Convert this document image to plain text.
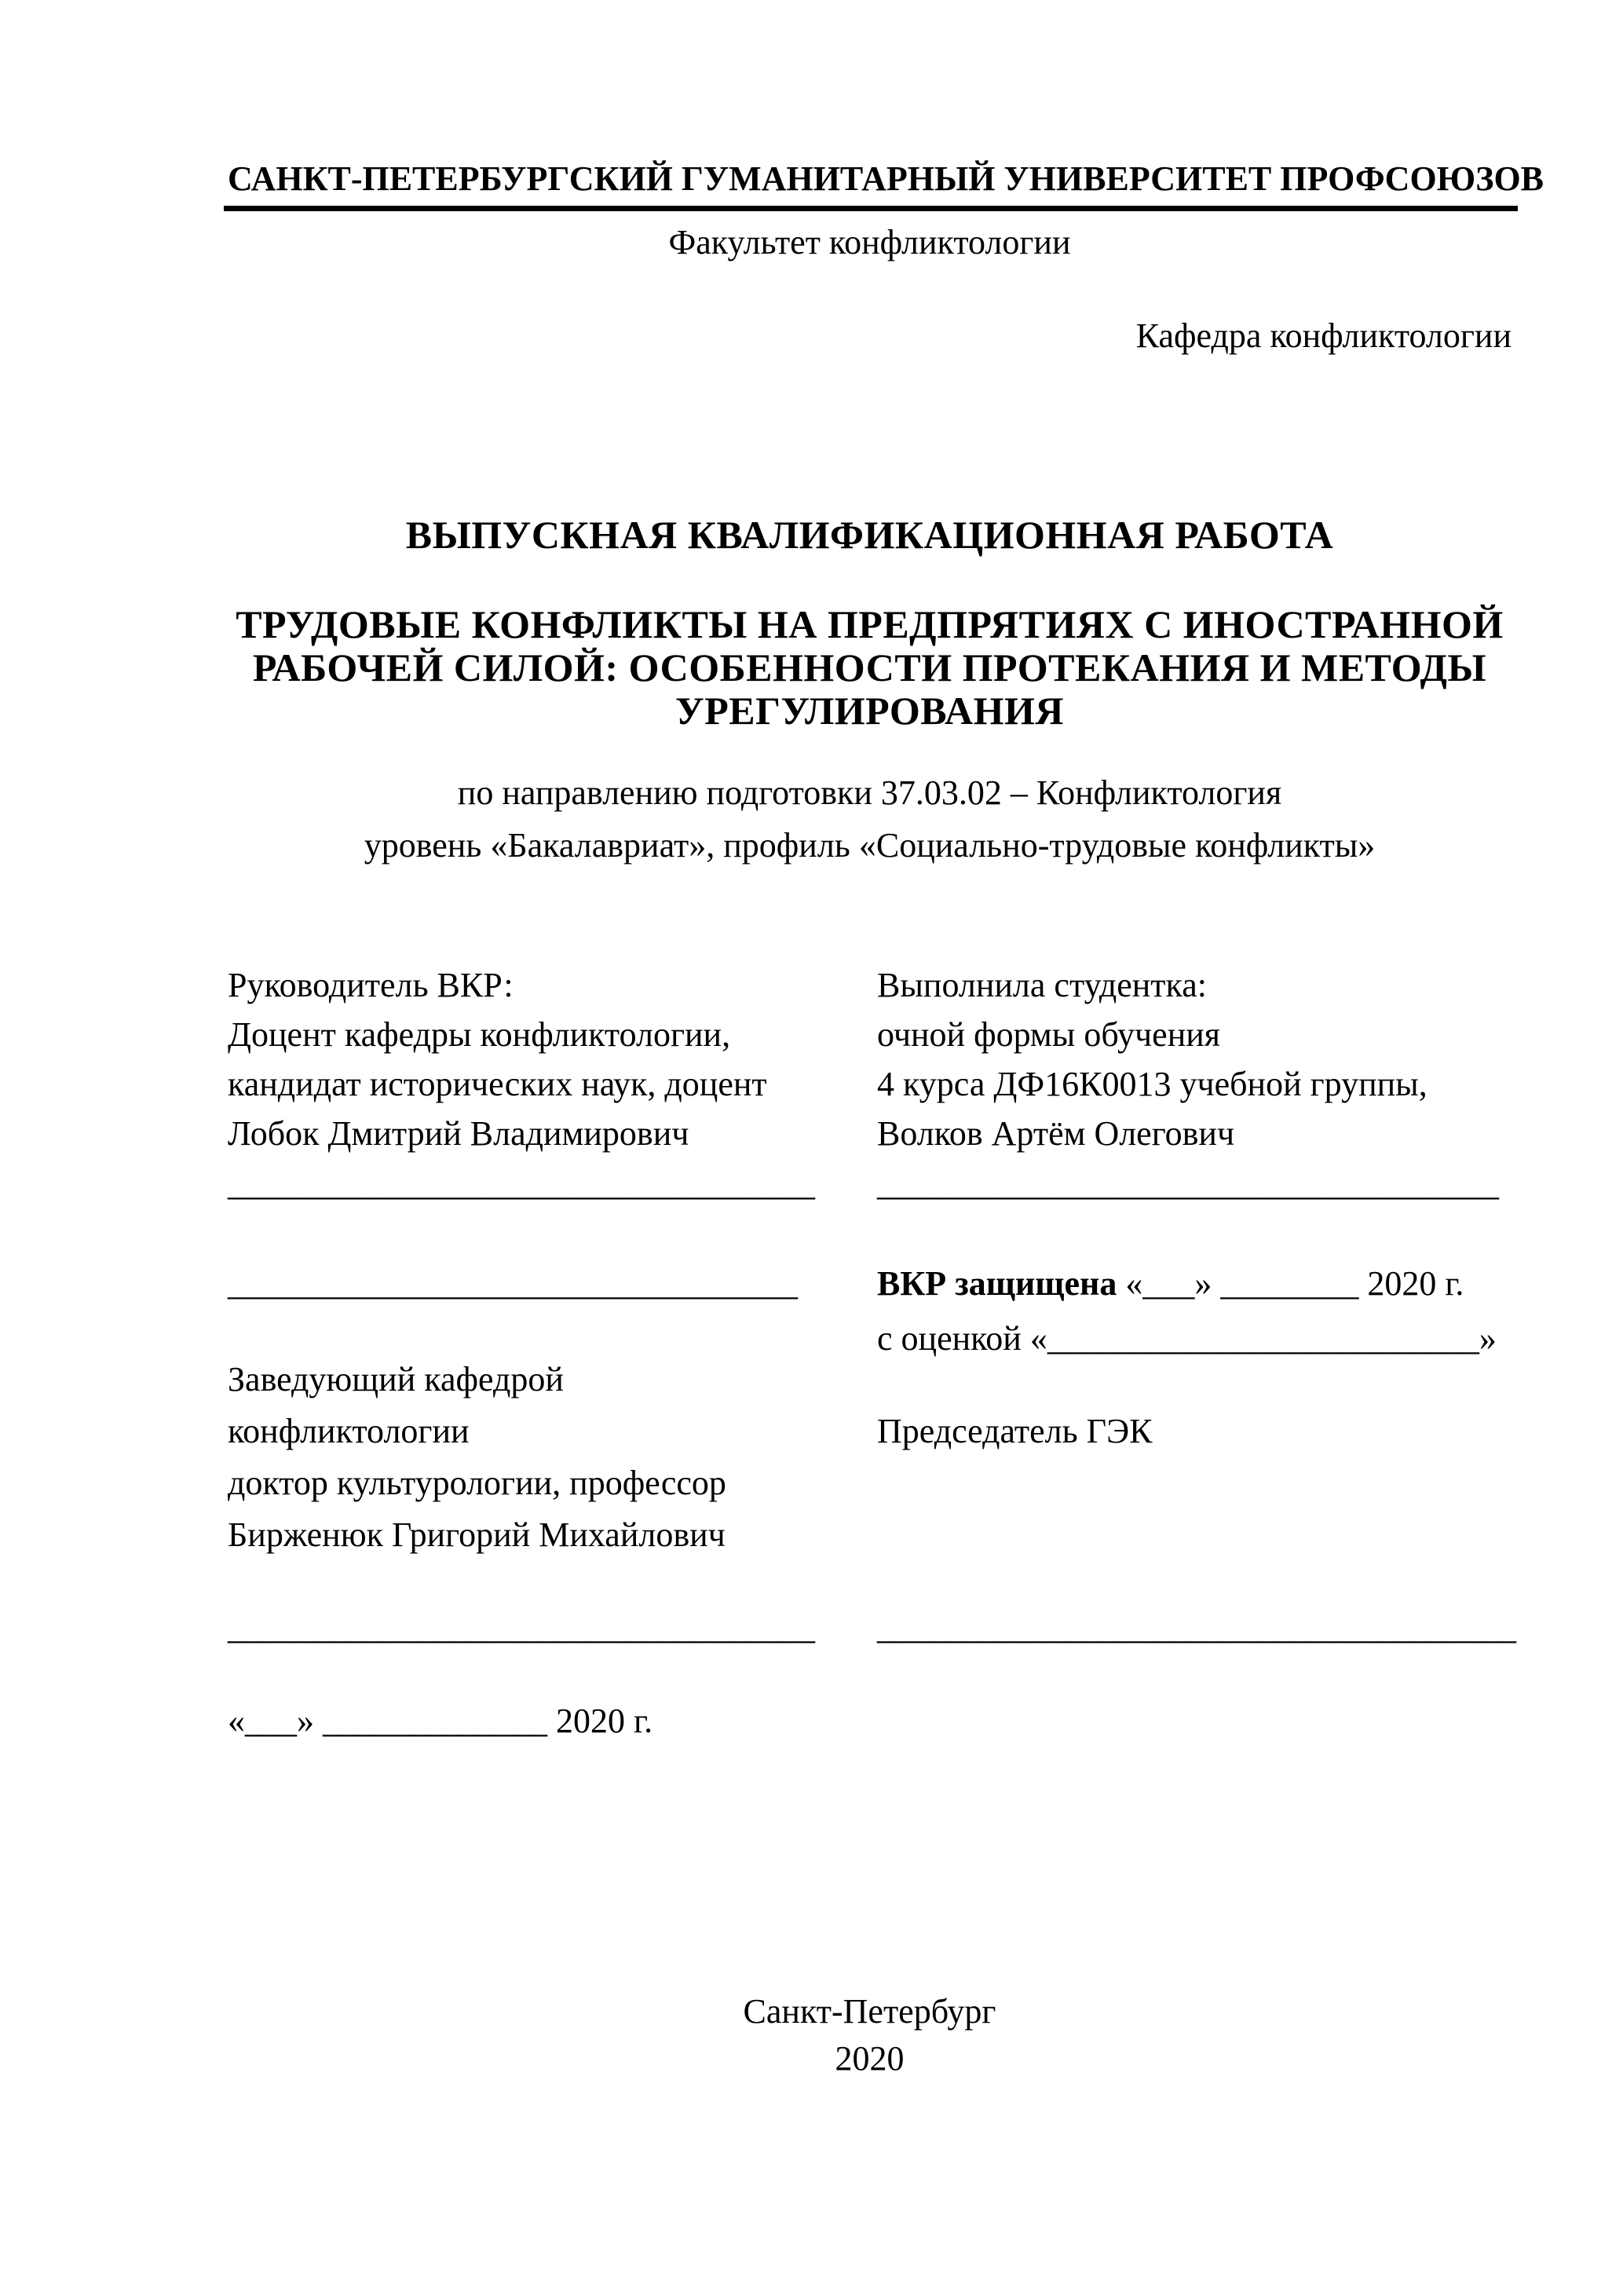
САНКТ-ПЕТЕРБУРГСКИЙ ГУМАНИТАРНЫЙ УНИВЕРСИТЕТ ПРОФСОЮЗОВ
Факультет конфликтологии
Кафедра конфликтологии
ВЫПУСКНАЯ КВАЛИФИКАЦИОННАЯ РАБОТА
ТРУДОВЫЕ КОНФЛИКТЫ НА ПРЕДПРЯТИЯХ С ИНОСТРАННОЙ
РАБОЧЕЙ СИЛОЙ: ОСОБЕННОСТИ ПРОТЕКАНИЯ И МЕТОДЫ
УРЕГУЛИРОВАНИЯ
по направлению подготовки 37.03.02 – Конфликтология
уровень «Бакалавриат», профиль «Социально-трудовые конфликты»
Руководитель ВКР:
Доцент кафедры конфликтологии,
кандидат исторических наук, доцент
Лобок Дмитрий Владимирович
__________________________________
Выполнила студентка:
очной формы обучения
4 курса ДФ16К0013 учебной группы,
Волков Артём Олегович
____________________________________
_________________________________	ВКР защищена «___» ________ 2020 г.
с оценкой «_________________________»
Заведующий кафедрой
конфликтологии	Председатель ГЭК
доктор культурологии, профессор
Бирженюк Григорий Михайлович
__________________________________	_____________________________________
«___» _____________ 2020 г.
Санкт-Петербург
2020
